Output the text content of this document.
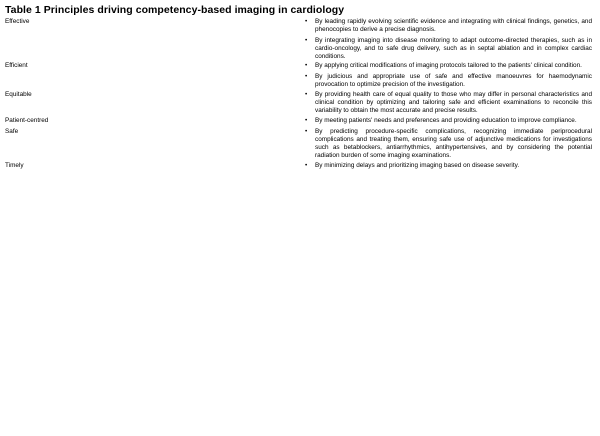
Table 1 Principles driving competency-based imaging in cardiology
Effective	•	By leading rapidly evolving scientific evidence and integrating with clinical findings, genetics, and phenocopies to derive a precise diagnosis.
•	By integrating imaging into disease monitoring to adapt outcome-directed therapies, such as in cardio-oncology, and to safe drug delivery, such as in septal ablation and in complex cardiac conditions.
Efficient	•	By applying critical modifications of imaging protocols tailored to the patients' clinical condition.
•	By judicious and appropriate use of safe and effective manoeuvres for haemodynamic provocation to optimize precision of the investigation.
Equitable	•	By providing health care of equal quality to those who may differ in personal characteristics and clinical condition by optimizing and tailoring safe and efficient examinations to reconcile this variability to obtain the most accurate and precise results.
Patient-centred	•	By meeting patients' needs and preferences and providing education to improve compliance.
Safe	•	By predicting procedure-specific complications, recognizing immediate periprocedural complications and treating them, ensuring safe use of adjunctive medications for investigations such as betablockers, antiarrhythmics, antihypertensives, and by considering the potential radiation burden of some imaging examinations.
Timely	•	By minimizing delays and prioritizing imaging based on disease severity.
